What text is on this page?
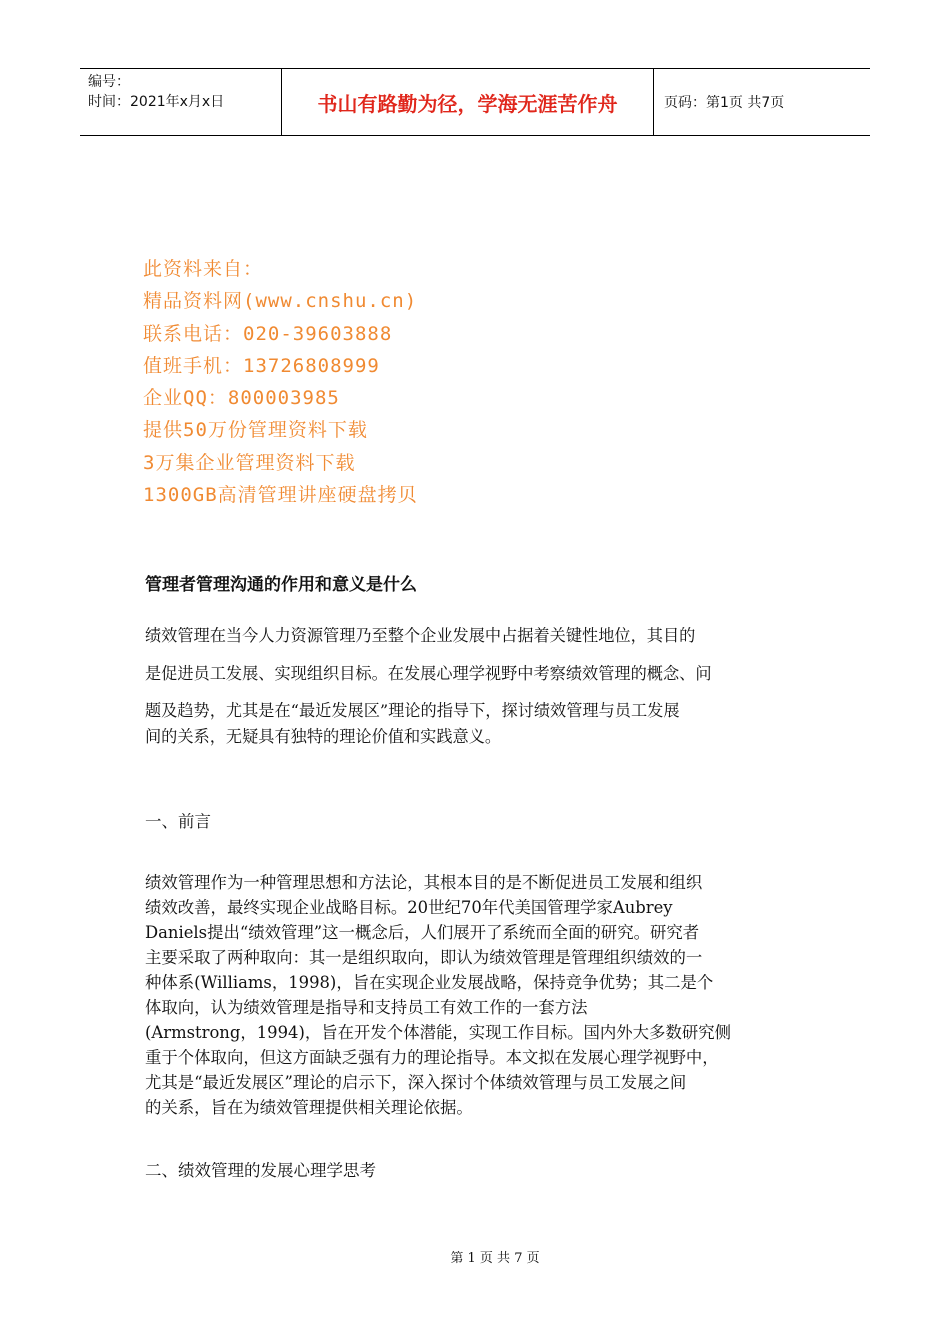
编号：
时间：2021年x月x日	书山有路勤为径，学海无涯苦作舟	页码：第1页 共7页
此资料来自：
精品资料网(www.cnshu.cn)
联系电话：020-39603888
值班手机：13726808999
企业QQ：800003985
提供50万份管理资料下载
3万集企业管理资料下载
1300GB高清管理讲座硬盘拷贝
管理者管理沟通的作用和意义是什么
绩效管理在当今人力资源管理乃至整个企业发展中占据着关键性地位，其目的
是促进员工发展、实现组织目标。在发展心理学视野中考察绩效管理的概念、问
题及趋势，尤其是在“最近发展区”理论的指导下，探讨绩效管理与员工发展
间的关系，无疑具有独特的理论价值和实践意义。
一、前言
绩效管理作为一种管理思想和方法论，其根本目的是不断促进员工发展和组织
绩效改善，最终实现企业战略目标。20世纪70年代美国管理学家Aubrey
Daniels提出“绩效管理”这一概念后，人们展开了系统而全面的研究。研究者
主要采取了两种取向：其一是组织取向，即认为绩效管理是管理组织绩效的一
种体系(Williams，1998)，旨在实现企业发展战略，保持竞争优势；其二是个
体取向，认为绩效管理是指导和支持员工有效工作的一套方法
(Armstrong，1994)，旨在开发个体潜能，实现工作目标。国内外大多数研究侧
重于个体取向，但这方面缺乏强有力的理论指导。本文拟在发展心理学视野中，
尤其是“最近发展区”理论的启示下，深入探讨个体绩效管理与员工发展之间
的关系，旨在为绩效管理提供相关理论依据。
二、绩效管理的发展心理学思考
第 1 页 共 7 页
